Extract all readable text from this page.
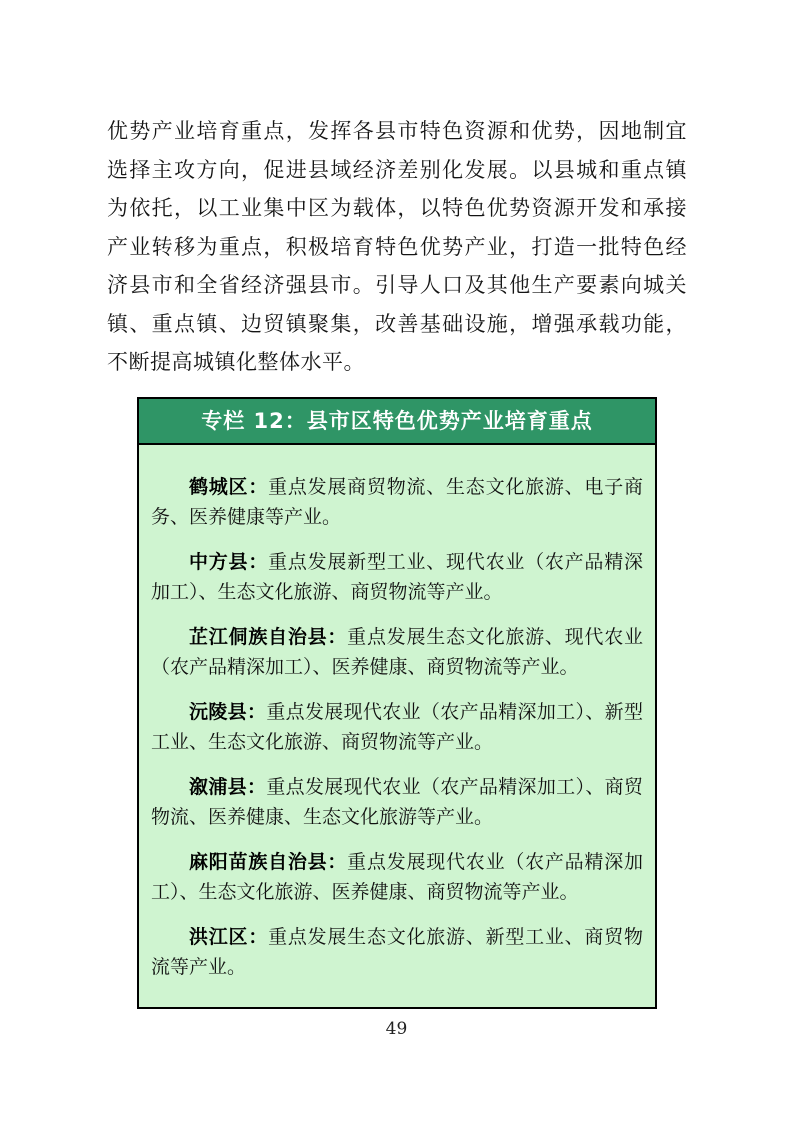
优势产业培育重点，发挥各县市特色资源和优势，因地制宜选择主攻方向，促进县域经济差别化发展。以县城和重点镇为依托，以工业集中区为载体，以特色优势资源开发和承接产业转移为重点，积极培育特色优势产业，打造一批特色经济县市和全省经济强县市。引导人口及其他生产要素向城关镇、重点镇、边贸镇聚集，改善基础设施，增强承载功能，不断提高城镇化整体水平。

专栏 12：县市区特色优势产业培育重点

鹤城区：重点发展商贸物流、生态文化旅游、电子商务、医养健康等产业。

中方县：重点发展新型工业、现代农业（农产品精深加工）、生态文化旅游、商贸物流等产业。

芷江侗族自治县：重点发展生态文化旅游、现代农业（农产品精深加工）、医养健康、商贸物流等产业。

沅陵县：重点发展现代农业（农产品精深加工）、新型工业、生态文化旅游、商贸物流等产业。

溆浦县：重点发展现代农业（农产品精深加工）、商贸物流、医养健康、生态文化旅游等产业。

麻阳苗族自治县：重点发展现代农业（农产品精深加工）、生态文化旅游、医养健康、商贸物流等产业。

洪江区：重点发展生态文化旅游、新型工业、商贸物流等产业。

49
